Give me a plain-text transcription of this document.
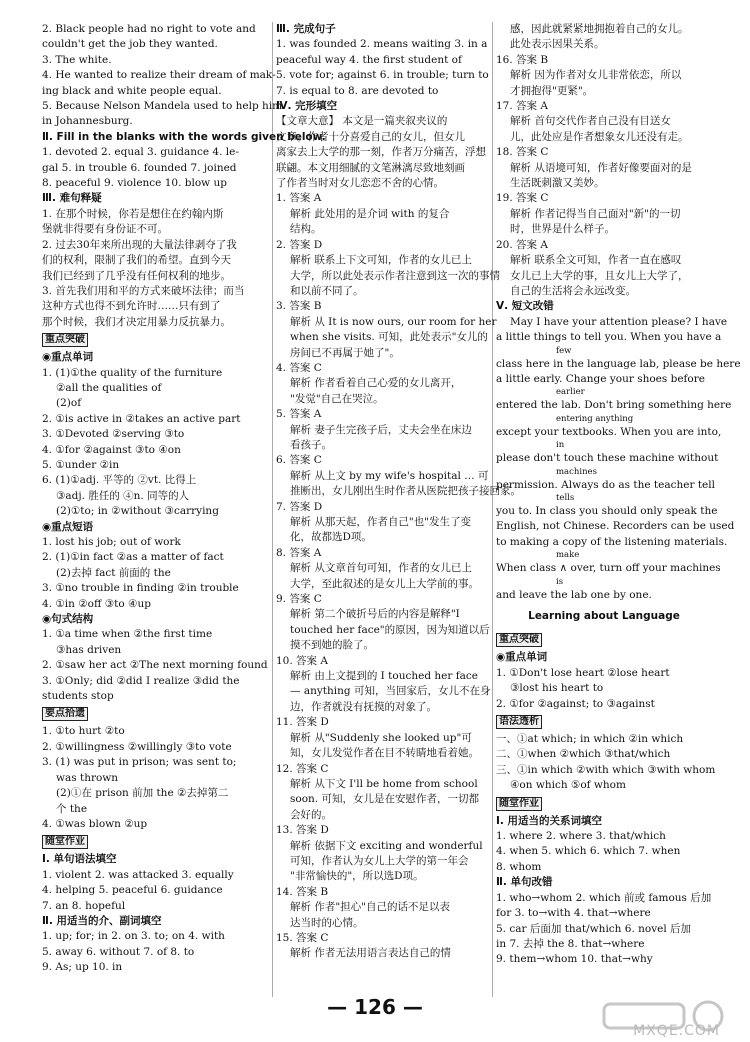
2. Black people had no right to vote and
couldn't get the job they wanted.
3. The white.
4. He wanted to realize their dream of mak-
ing black and white people equal.
5. Because Nelson Mandela used to help him
in Johannesburg.
Ⅱ. Fill in the blanks with the words given below.
1. devoted 2. equal 3. guidance 4. le-
gal 5. in trouble 6. founded 7. joined
8. peaceful 9. violence 10. blow up
Ⅲ. 难句释疑
1. 在那个时候，你若是想住在约翰内斯
堡就非得要有身份证不可。
2. 过去30年来所出现的大量法律剥夺了我
们的权利，限制了我们的希望。直到今天
我们已经到了几乎没有任何权利的地步。
3. 首先我们用和平的方式来破坏法律；而当
这种方式也得不到允许时……只有到了
那个时候，我们才决定用暴力反抗暴力。
重点突破
◉重点单词
1. (1)①the quality of the furniture
②all the qualities of
(2)of
2. ①is active in ②takes an active part
3. ①Devoted ②serving ③to
4. ①for ②against ③to ④on
5. ①under ②in
6. (1)①adj. 平等的 ②vt. 比得上
③adj. 胜任的 ④n. 同等的人
(2)①to; in ②without ③carrying
◉重点短语
1. lost his job; out of work
2. (1)①in fact ②as a matter of fact
(2)去掉 fact 前面的 the
3. ①no trouble in finding ②in trouble
4. ①in ②off ③to ④up
◉句式结构
1. ①a time when ②the first time
③has driven
2. ①saw her act ②The next morning found
3. ①Only; did ②did I realize ③did the
students stop
要点拾遗
1. ①to hurt ②to
2. ①willingness ②willingly ③to vote
3. (1) was put in prison; was sent to;
was thrown
(2)①在 prison 前加 the ②去掉第二
个 the
4. ①was blown ②up
随堂作业
Ⅰ. 单句语法填空
1. violent 2. was attacked 3. equally
4. helping 5. peaceful 6. guidance
7. an 8. hopeful
Ⅱ. 用适当的介、副词填空
1. up; for; in 2. on 3. to; on 4. with
5. away 6. without 7. of 8. to
9. As; up 10. in
Ⅲ. 完成句子
1. was founded 2. means waiting 3. in a
peaceful way 4. the first student of
5. vote for; against 6. in trouble; turn to
7. is equal to 8. are devoted to
Ⅳ. 完形填空
【文章大意】 本文是一篇夹叙夹议的
文章。作者十分喜爱自己的女儿，但女儿
离家去上大学的那一刻，作者万分痛苦，浮想
联翩。本文用细腻的文笔淋漓尽致地刻画
了作者当时对女儿恋恋不舍的心情。
1. 答案 A
解析 此处用的是介词 with 的复合
结构。
2. 答案 D
解析 联系上下文可知，作者的女儿已上
大学，所以此处表示作者注意到这一次的事情
和以前不同了。
3. 答案 B
解析 从 It is now ours, our room for her
when she visits. 可知，此处表示"女儿的
房间已不再属于她了"。
4. 答案 C
解析 作者看着自己心爱的女儿离开，
"发觉"自己在哭泣。
5. 答案 A
解析 妻子生完孩子后，丈夫会坐在床边
看孩子。
6. 答案 C
解析 从上文 by my wife's hospital … 可
推断出，女儿刚出生时作者从医院把孩子接回家。
7. 答案 D
解析 从那天起，作者自己"也"发生了变
化，故都选D项。
8. 答案 A
解析 从文章首句可知，作者的女儿已上
大学，至此叙述的是女儿上大学前的事。
9. 答案 C
解析 第二个破折号后的内容是解释"I
touched her face"的原因，因为知道以后
摸不到她的脸了。
10. 答案 A
解析 由上文提到的 I touched her face
— anything 可知，当回家后，女儿不在身
边，作者就没有抚摸的对象了。
11. 答案 D
解析 从"Suddenly she looked up"可
知，女儿发觉作者在目不转睛地看着她。
12. 答案 C
解析 从下文 I'll be home from school
soon. 可知，女儿是在安慰作者，一切都
会好的。
13. 答案 D
解析 依据下文 exciting and wonderful
可知，作者认为女儿上大学的第一年会
"非常愉快的"，所以选D项。
14. 答案 B
解析 作者"担心"自己的话不足以表
达当时的心情。
15. 答案 C
解析 作者无法用语言表达自己的情
感，因此就紧紧地拥抱着自己的女儿。
此处表示因果关系。
16. 答案 B
解析 因为作者对女儿非常依恋，所以
才拥抱得"更紧"。
17. 答案 A
解析 首句交代作者自己没有目送女
儿，此处应是作者想象女儿还没有走。
18. 答案 C
解析 从语境可知，作者好像要面对的是
生活既刺激又美妙。
19. 答案 C
解析 作者记得当自己面对"新"的一切
时，世界是什么样子。
20. 答案 A
解析 联系全文可知，作者一直在感叹
女儿已上大学的事，且女儿上大学了，
自己的生活将会永远改变。
Ⅴ. 短文改错
May I have your attention please? I have
a little things to tell you. When you have a
few
class here in the language lab, please be here
a little early. Change your shoes before
earlier
entered the lab. Don't bring something here
entering anything
except your textbooks. When you are into,
in
please don't touch these machine without
machines
permission. Always do as the teacher tell
tells
you to. In class you should only speak the
English, not Chinese. Recorders can be used
to making a copy of the listening materials.
make
When class ∧ over, turn off your machines
is
and leave the lab one by one.
Learning about Language
重点突破
◉重点单词
1. ①Don't lose heart ②lose heart
③lost his heart to
2. ①for ②against; to ③against
语法透析
一、①at which; in which ②in which
二、①when ②which ③that/which
三、①in which ②with which ③with whom
④on which ⑤of whom
随堂作业
Ⅰ. 用适当的关系词填空
1. where 2. where 3. that/which
4. when 5. which 6. which 7. when
8. whom
Ⅱ. 单句改错
1. who→whom 2. which 前或 famous 后加
for 3. to→with 4. that→where
5. car 后面加 that/which 6. novel 后加
in 7. 去掉 the 8. that→where
9. them→whom 10. that→why
— 126 —
MXQE.COM
